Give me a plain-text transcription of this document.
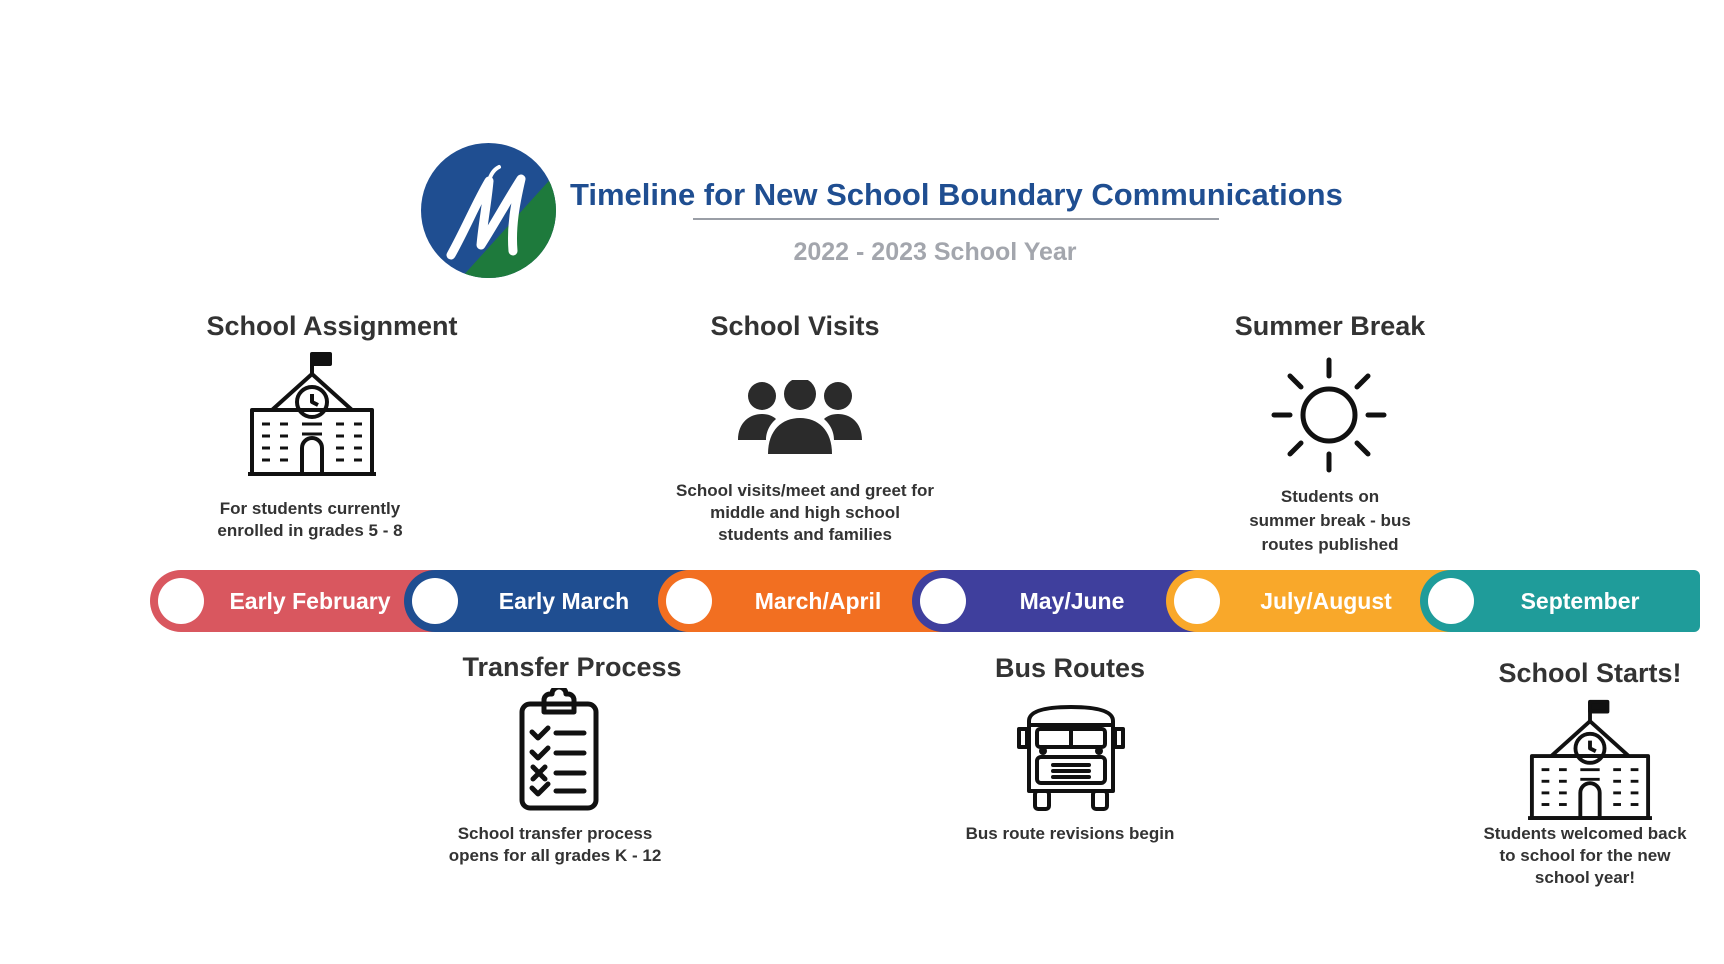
Timeline for New School Boundary Communications
2022 - 2023 School Year
School Assignment
For students currently
enrolled in grades 5 - 8
School Visits
School visits/meet and greet for
middle and high school
students and families
Summer Break
Students on
summer break - bus
routes published
Early February	Early March	March/April	May/June	July/August	September
Transfer Process
School transfer process
opens for all grades K - 12
Bus Routes
Bus route revisions begin
School Starts!
Students welcomed back
to school for the new
school year!
